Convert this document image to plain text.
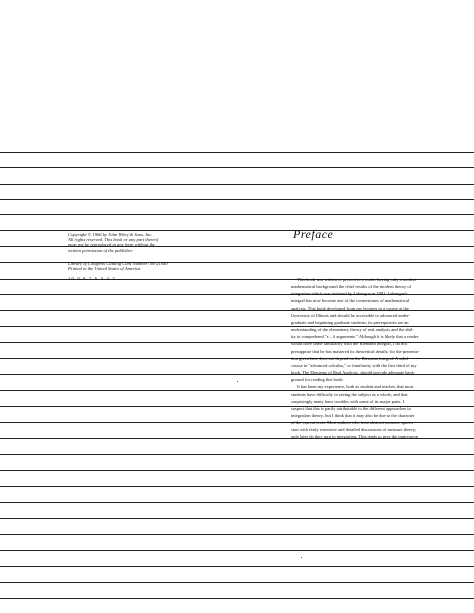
Copyright © 1966 by John Wiley & Sons, Inc.
All rights reserved. This book or any part thereof
must not be reproduced in any form without the
written permission of the publisher.
Library of Congress Catalog Card Number: 66-21040
Printed in the United States of America
10 9 8 7 6 5 4 3
Preface
This book was written to present to a reader having only a modest
mathematical background the chief results of the modern theory of
integration which was initiated by Lebesgue in 1902. Lebesgue's
integral has now become one of the cornerstones of mathematical
analysis. This book developed from my lectures in a course at the
University of Illinois and should be accessible to advanced under-
graduate and beginning graduate students; its prerequisites are an
understanding of the elementary theory of real analysis and the abil-
ity to comprehend "ε – δ arguments." Although it is likely that a reader
would have some familiarity with the Riemann integral, I do not
presuppose that he has mastered its theoretical details; for the presenta-
tion given here does not depend on the Riemann integral. A solid
course in "advanced calculus," or familiarity with the first third of my
book, The Elements of Real Analysis, should provide adequate back-
ground for reading this book.
It has been my experience, both as student and teacher, that most
students have difficulty in seeing the subject as a whole, and that
surprisingly many have troubles with some of its major parts. I
suspect that this is partly attributable to the different approaches to
integration theory, but I think that it may also be due to the character
of the current texts. Most authors who treat abstract measure spaces
start with fairly extensive and detailed discussions of measure theory;
only later do they turn to integration. This tends to give the impression
